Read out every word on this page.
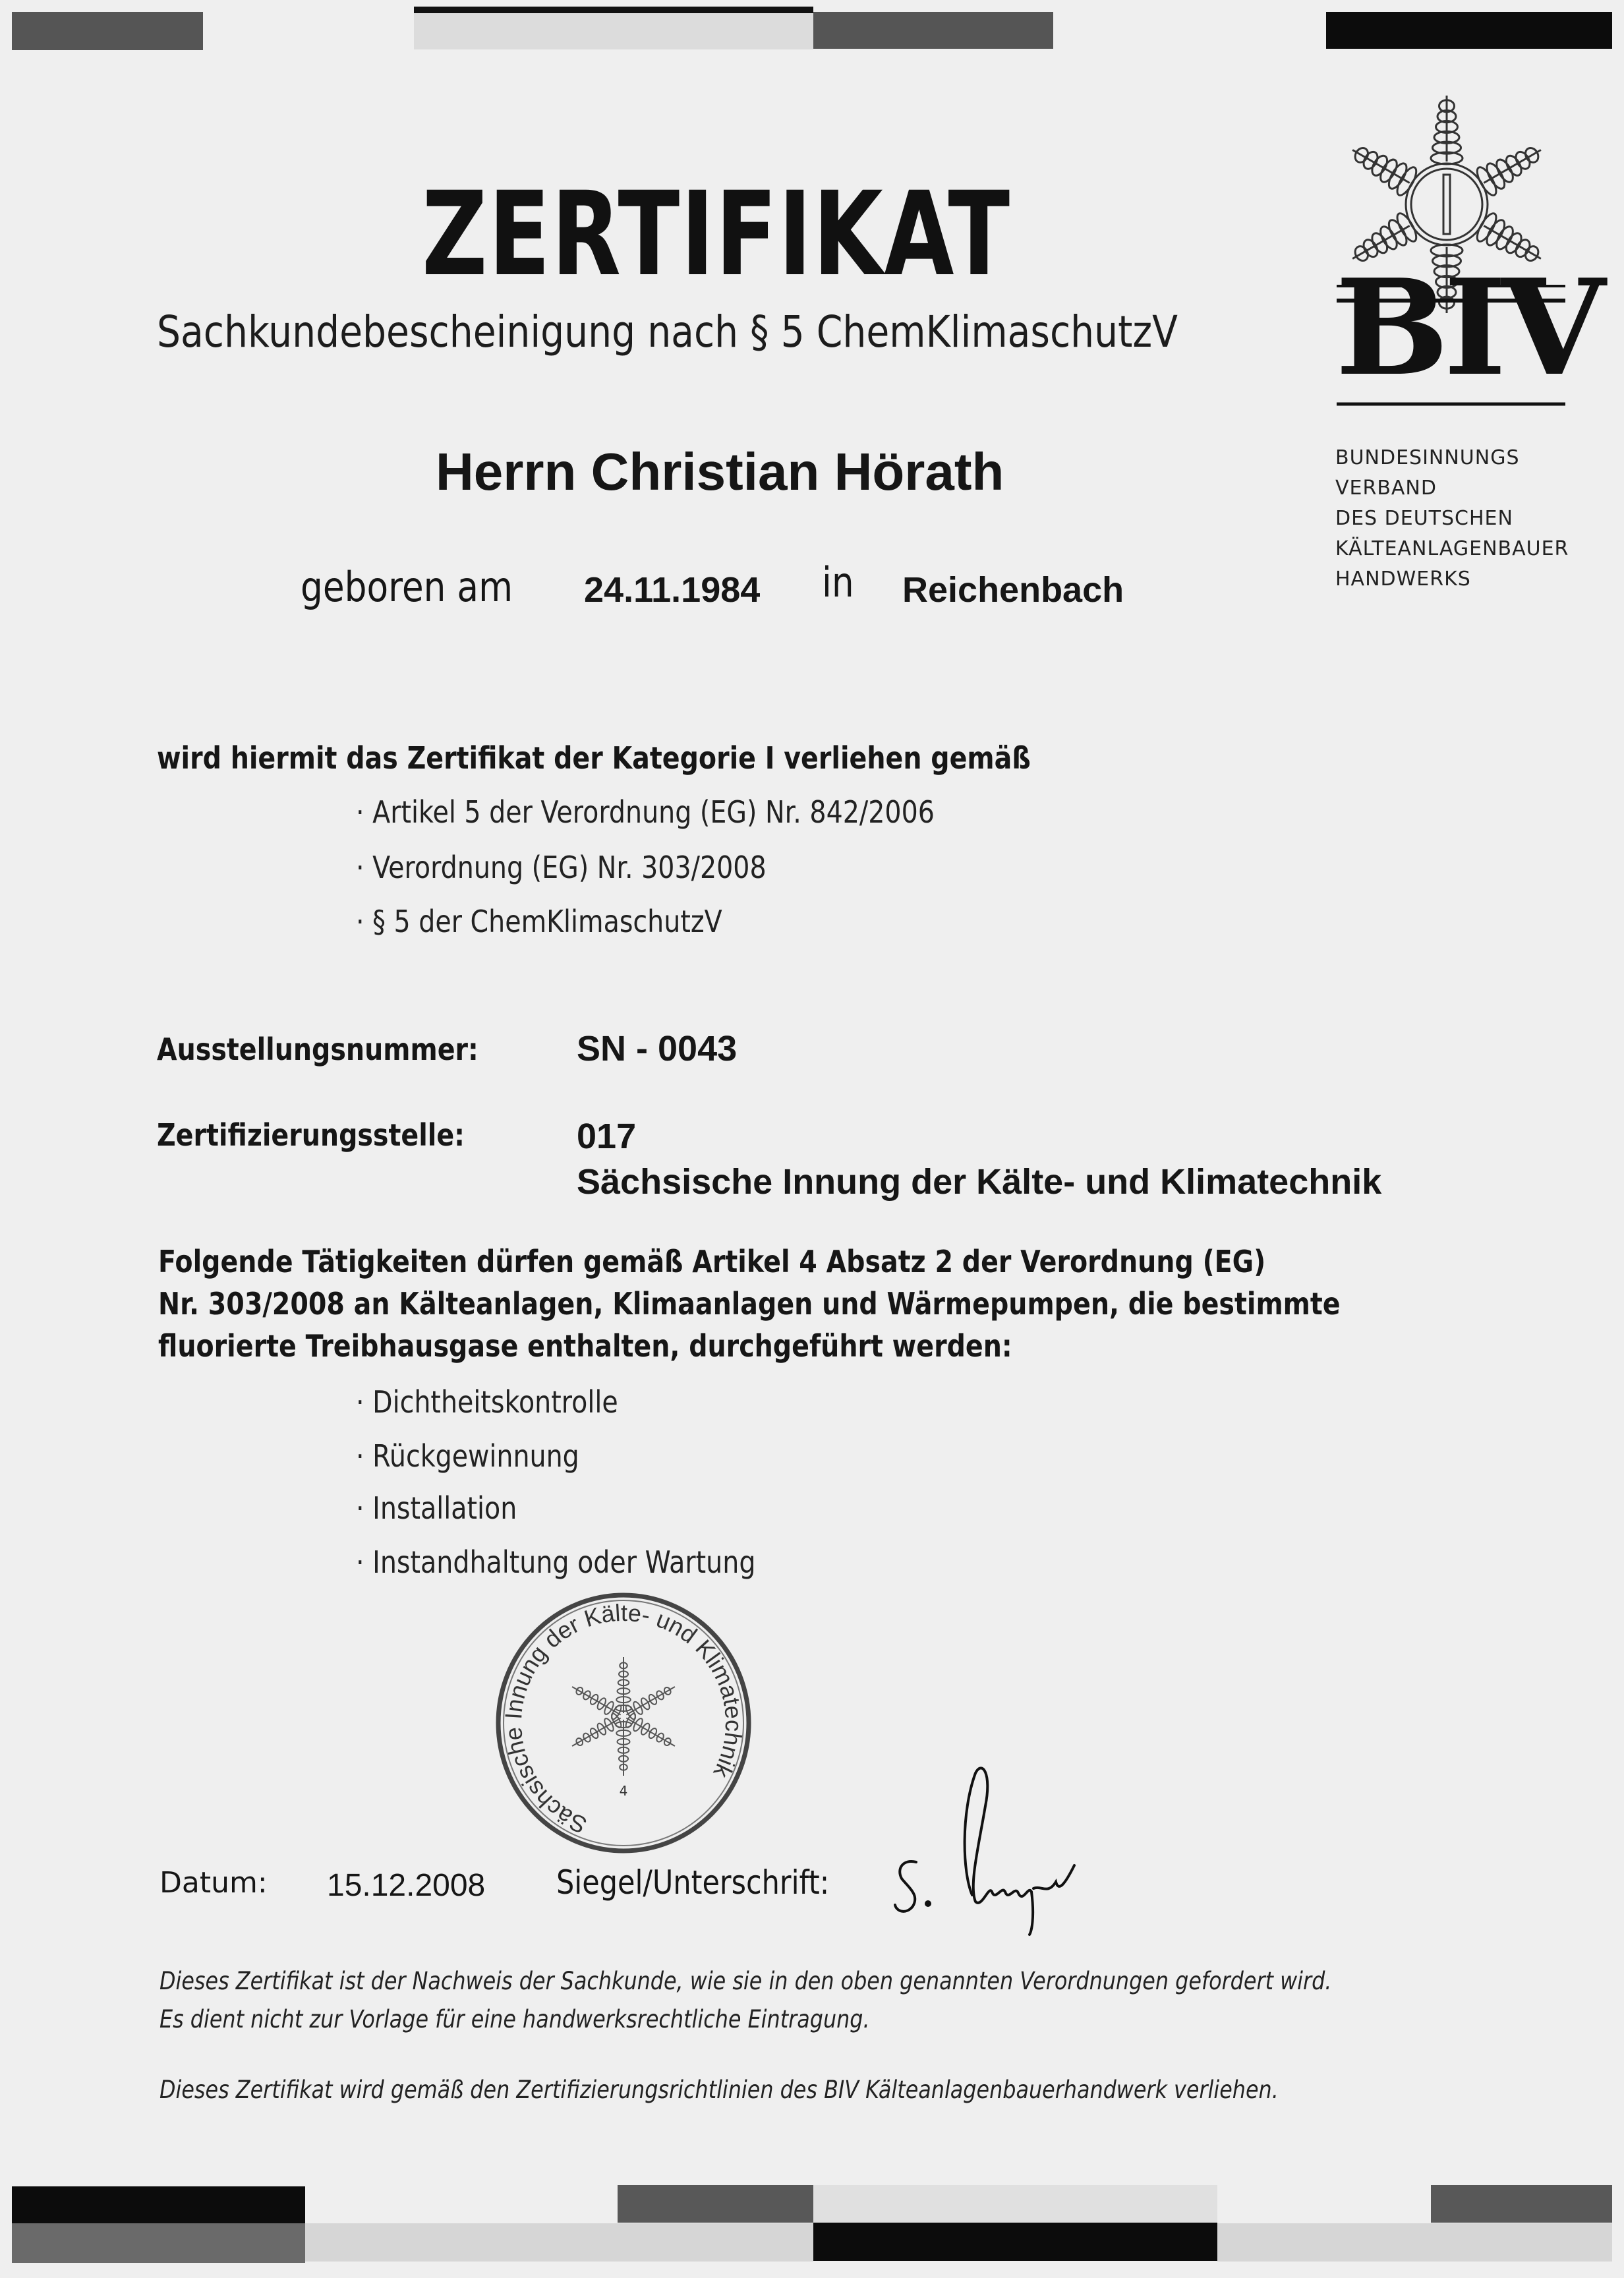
BIV
BUNDESINNUNGS
VERBAND
DES DEUTSCHEN
KÄLTEANLAGENBAUER
HANDWERKS
ZERTIFIKAT
Sachkundebescheinigung nach § 5 ChemKlimaschutzV
Herrn Christian Hörath
geboren am 24.11.1984 in Reichenbach
wird hiermit das Zertifikat der Kategorie I verliehen gemäß
· Artikel 5 der Verordnung (EG) Nr. 842/2006
· Verordnung (EG) Nr. 303/2008
· § 5 der ChemKlimaschutzV
Ausstellungsnummer:	SN - 0043
Zertifizierungsstelle:	017
Sächsische Innung der Kälte- und Klimatechnik
Folgende Tätigkeiten dürfen gemäß Artikel 4 Absatz 2 der Verordnung (EG)
Nr. 303/2008 an Kälteanlagen, Klimaanlagen und Wärmepumpen, die bestimmte
fluorierte Treibhausgase enthalten, durchgeführt werden:
· Dichtheitskontrolle
· Rückgewinnung
· Installation
· Instandhaltung oder Wartung
Sächsische Innung der Kälte- und Klimatechnik
4
Datum: 15.12.2008 Siegel/Unterschrift:
Dieses Zertifikat ist der Nachweis der Sachkunde, wie sie in den oben genannten Verordnungen gefordert wird.
Es dient nicht zur Vorlage für eine handwerksrechtliche Eintragung.
Dieses Zertifikat wird gemäß den Zertifizierungsrichtlinien des BIV Kälteanlagenbauerhandwerk verliehen.
